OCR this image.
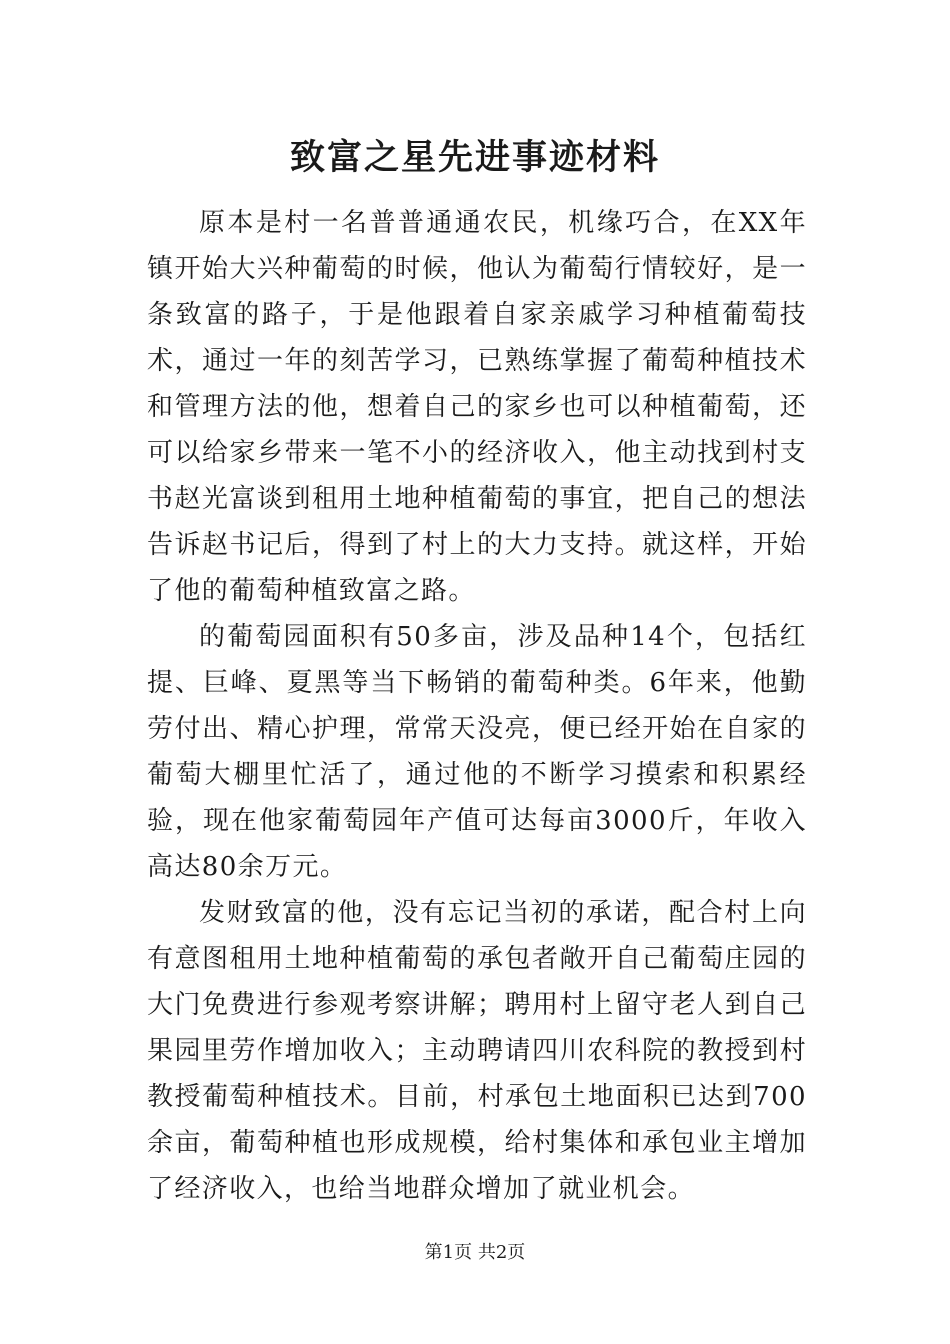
致富之星先进事迹材料

原本是村一名普普通通农民，机缘巧合，在XX年镇开始大兴种葡萄的时候，他认为葡萄行情较好，是一条致富的路子，于是他跟着自家亲戚学习种植葡萄技术，通过一年的刻苦学习，已熟练掌握了葡萄种植技术和管理方法的他，想着自己的家乡也可以种植葡萄，还可以给家乡带来一笔不小的经济收入，他主动找到村支书赵光富谈到租用土地种植葡萄的事宜，把自己的想法告诉赵书记后，得到了村上的大力支持。就这样，开始了他的葡萄种植致富之路。

的葡萄园面积有50多亩，涉及品种14个，包括红提、巨峰、夏黑等当下畅销的葡萄种类。6年来，他勤劳付出、精心护理，常常天没亮，便已经开始在自家的葡萄大棚里忙活了，通过他的不断学习摸索和积累经验，现在他家葡萄园年产值可达每亩3000斤，年收入高达80余万元。

发财致富的他，没有忘记当初的承诺，配合村上向有意图租用土地种植葡萄的承包者敞开自己葡萄庄园的大门免费进行参观考察讲解；聘用村上留守老人到自己果园里劳作增加收入；主动聘请四川农科院的教授到村教授葡萄种植技术。目前，村承包土地面积已达到700余亩，葡萄种植也形成规模，给村集体和承包业主增加了经济收入，也给当地群众增加了就业机会。

第1页 共2页
